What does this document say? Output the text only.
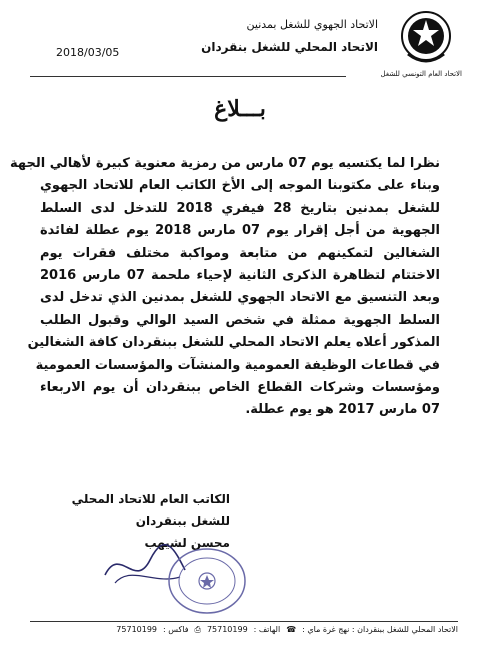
الاتحاد الجهوي للشغل بمدنين
الاتحاد المحلي للشغل بنقردان
2018/03/05
الاتحاد العام التونسي للشغل
بـــلاغ
نظرا لما يكتسيه يوم 07 مارس من رمزية معنوية كبيرة لأهالي الجهة
وبناء على مكتوبنا الموجه إلى الأخ الكاتب العام للاتحاد الجهوي
للشغل بمدنين بتاريخ 28 فيفري 2018 للتدخل لدى السلط
الجهوية من أجل إقرار يوم 07 مارس 2018 يوم عطلة لفائدة
الشغالين لتمكينهم من متابعة ومواكبة مختلف فقرات يوم
الاختتام لتظاهرة الذكرى الثانية لإحياء ملحمة 07 مارس 2016
وبعد التنسيق مع الاتحاد الجهوي للشغل بمدنين الذي تدخل لدى
السلط الجهوية ممثلة في شخص السيد الوالي وقبول الطلب
المذكور أعلاه يعلم الاتحاد المحلي للشغل ببنقردان كافة الشغالين
في قطاعات الوظيفة العمومية والمنشآت والمؤسسات العمومية
ومؤسسات وشركات القطاع الخاص ببنقردان أن يوم الاربعاء
07 مارس 2017 هو يوم عطلة.
الكاتب العام للاتحاد المحلي
للشغل ببنقردان
محسن لشيهب
الاتحاد المحلي للشغل ببنقردان : نهج غرة ماي :
☎
الهاتف :
75710199
⎙
فاكس :
75710199
